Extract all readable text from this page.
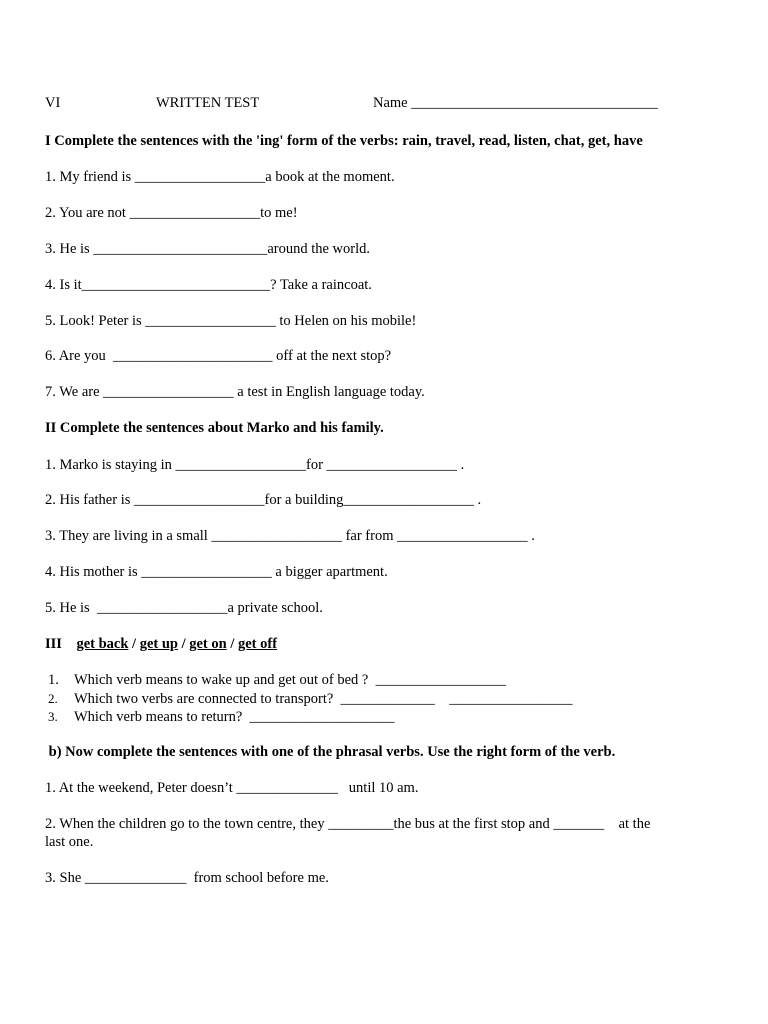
VI

	WRITTEN TEST

	Name __________________________________

I Complete the sentences with the 'ing' form of the verbs: rain, travel, read, listen, chat, get, have
1. My friend is __________________a book at the moment.
2. You are not __________________to me!
3. He is ________________________around the world.
4. Is it__________________________? Take a raincoat.
5. Look! Peter is __________________ to Helen on his mobile!
6. Are you  ______________________ off at the next stop?
7. We are __________________ a test in English language today.
II Complete the sentences about Marko and his family.
1. Marko is staying in __________________for __________________ .
2. His father is __________________for a building__________________ .
3. They are living in a small __________________ far from __________________ .
4. His mother is __________________ a bigger apartment.
5. He is  __________________a private school.
III get back / get up / get on / get off
1. Which verb means to wake up and get out of bed ?  __________________
2. Which two verbs are connected to transport?  _____________    _________________
3. Which verb means to return?  ____________________
b) Now complete the sentences with one of the phrasal verbs. Use the right form of the verb.
1. At the weekend, Peter doesn’t ______________   until 10 am.
2. When the children go to the town centre, they _________the bus at the first stop and _______    at the
last one.
3. She ______________  from school before me.
